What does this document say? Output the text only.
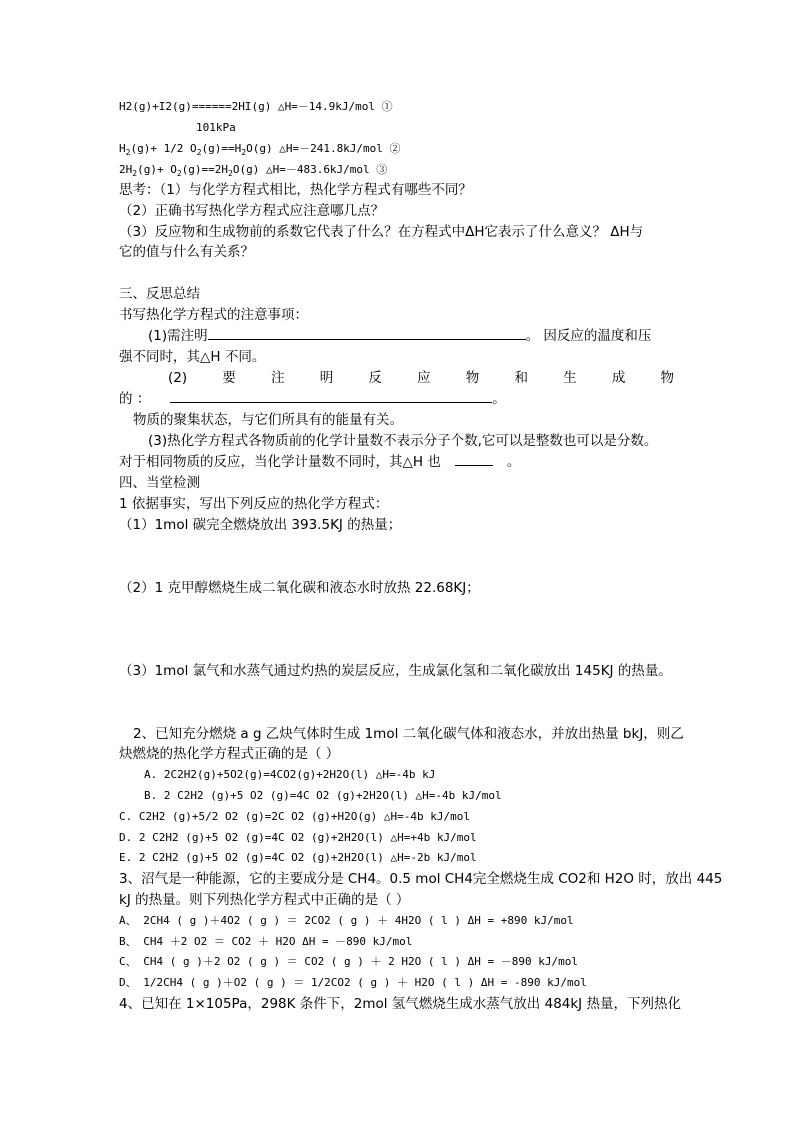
H2(g)+I2(g)======2HI(g) △H=－14.9kJ/mol ①
101kPa
$H_2(g)+ 1/2$ $O_2(g)==H_2O(g)$ △H=－241.8kJ/mol ②
$2H_2(g)+ O_2(g)==2H_2O(g)$ △H=－483.6kJ/mol ③
思考：（1）与化学方程式相比，热化学方程式有哪些不同？
（2）正确书写热化学方程式应注意哪几点？
（3）反应物和生成物前的系数它代表了什么？在方程式中ΔH它表示了什么意义？ ΔH与
它的值与什么有关系？
三、反思总结
书写热化学方程式的注意事项：
(1)需注明	。 因反应的温度和压
强不同时，其△H 不同。
(2)	要	注	明	反	应	物	和	生	成	物
的 ：	。
物质的聚集状态，与它们所具有的能量有关。
(3)热化学方程式各物质前的化学计量数不表示分子个数,它可以是整数也可以是分数。
对于相同物质的反应，当化学计量数不同时，其△H 也	。
四、当堂检测
1 依据事实，写出下列反应的热化学方程式：
（1）1mol 碳完全燃烧放出 393.5KJ 的热量；
（2）1 克甲醇燃烧生成二氧化碳和液态水时放热 22.68KJ；
（3）1mol 氯气和水蒸气通过灼热的炭层反应，生成氯化氢和二氧化碳放出 145KJ 的热量。
2、已知充分燃烧 a g 乙炔气体时生成 1mol 二氧化碳气体和液态水，并放出热量 bkJ，则乙
炔燃烧的热化学方程式正确的是（ ）
A. 2C2H2(g)+5O2(g)=4CO2(g)+2H2O(l) △H=-4b kJ
B. 2 C2H2 (g)+5 O2 (g)=4C O2 (g)+2H2O(l) △H=-4b kJ/mol
C. C2H2 (g)+5/2 O2 (g)=2C O2 (g)+H2O(g) △H=-4b kJ/mol
D. 2 C2H2 (g)+5 O2 (g)=4C O2 (g)+2H2O(l) △H=+4b kJ/mol
E. 2 C2H2 (g)+5 O2 (g)=4C O2 (g)+2H2O(l) △H=-2b kJ/mol
3、沼气是一种能源，它的主要成分是 CH4。0.5 mol CH4完全燃烧生成 CO2和 H2O 时，放出 445
kJ 的热量。则下列热化学方程式中正确的是（ ）
A、 2CH4 ( g )＋4O2 ( g ) ＝ 2CO2 ( g ) ＋ 4H2O ( l ) ΔH = +890 kJ/mol
B、 CH4 ＋2 O2 ＝ CO2 ＋ H2O ΔH = －890 kJ/mol
C、 CH4 ( g )＋2 O2 ( g ) ＝ CO2 ( g ) ＋ 2 H2O ( l ) ΔH = －890 kJ/mol
D、 1/2CH4 ( g )＋O2 ( g ) ＝ 1/2CO2 ( g ) ＋ H2O ( l ) ΔH = -890 kJ/mol
4、已知在 1×105Pa，298K 条件下，2mol 氢气燃烧生成水蒸气放出 484kJ 热量，下列热化
